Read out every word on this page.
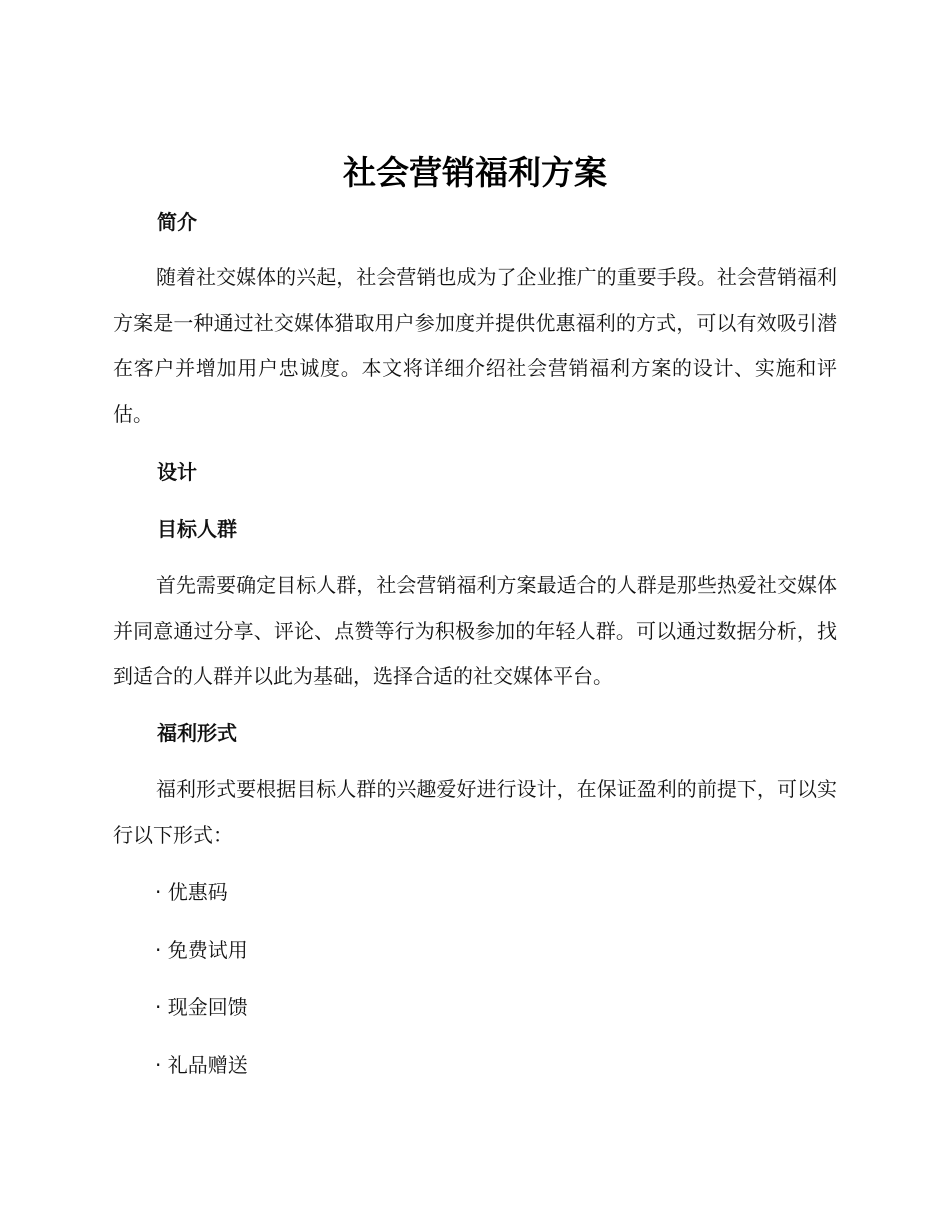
社会营销福利方案
简介

随着社交媒体的兴起，社会营销也成为了企业推广的重要手段。社会营销福利方案是一种通过社交媒体猎取用户参加度并提供优惠福利的方式，可以有效吸引潜在客户并增加用户忠诚度。本文将详细介绍社会营销福利方案的设计、实施和评估。

设计
目标人群

首先需要确定目标人群，社会营销福利方案最适合的人群是那些热爱社交媒体并同意通过分享、评论、点赞等行为积极参加的年轻人群。可以通过数据分析，找到适合的人群并以此为基础，选择合适的社交媒体平台。

福利形式

福利形式要根据目标人群的兴趣爱好进行设计，在保证盈利的前提下，可以实行以下形式：

· 优惠码
· 免费试用
· 现金回馈
· 礼品赠送
